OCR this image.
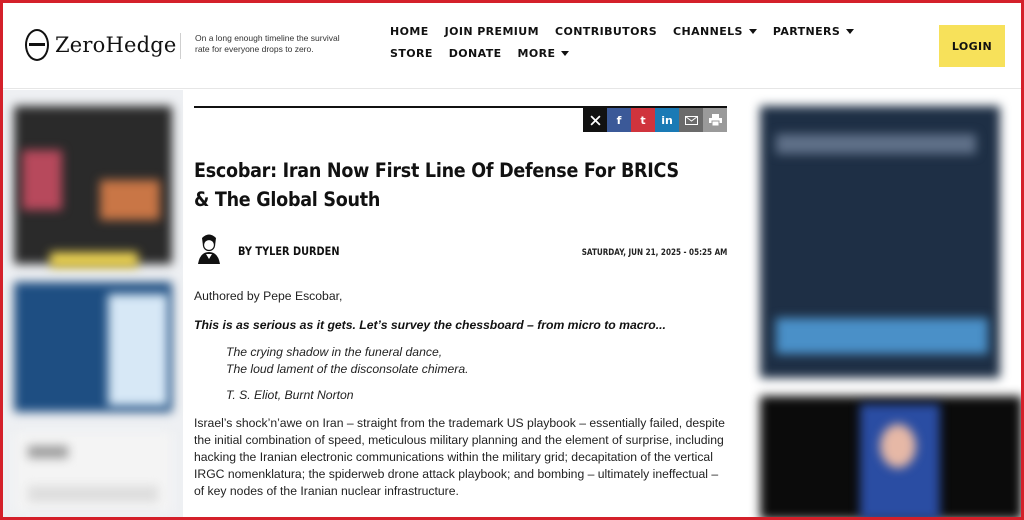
ZeroHedge	On a long enough timeline the survival rate for everyone drops to zero.
HOME JOIN PREMIUM CONTRIBUTORS CHANNELS	PARTNERS
STORE DONATE MORE
LOGIN
f t in
Escobar: Iran Now First Line Of Defense For BRICS & The Global South
BY TYLER DURDEN	SATURDAY, JUN 21, 2025 - 05:25 AM

Authored by Pepe Escobar,

This is as serious as it gets. Let’s survey the chessboard – from micro to macro...

The crying shadow in the funeral dance,
The loud lament of the disconsolate chimera.

T. S. Eliot, Burnt Norton

Israel’s shock’n’awe on Iran – straight from the trademark US playbook – essentially failed, despite the initial combination of speed, meticulous military planning and the element of surprise, including hacking the Iranian electronic communications within the military grid; decapitation of the vertical IRGC nomenklatura; the spiderweb drone attack playbook; and bombing – ultimately ineffectual – of key nodes of the Iranian nuclear infrastructure.
